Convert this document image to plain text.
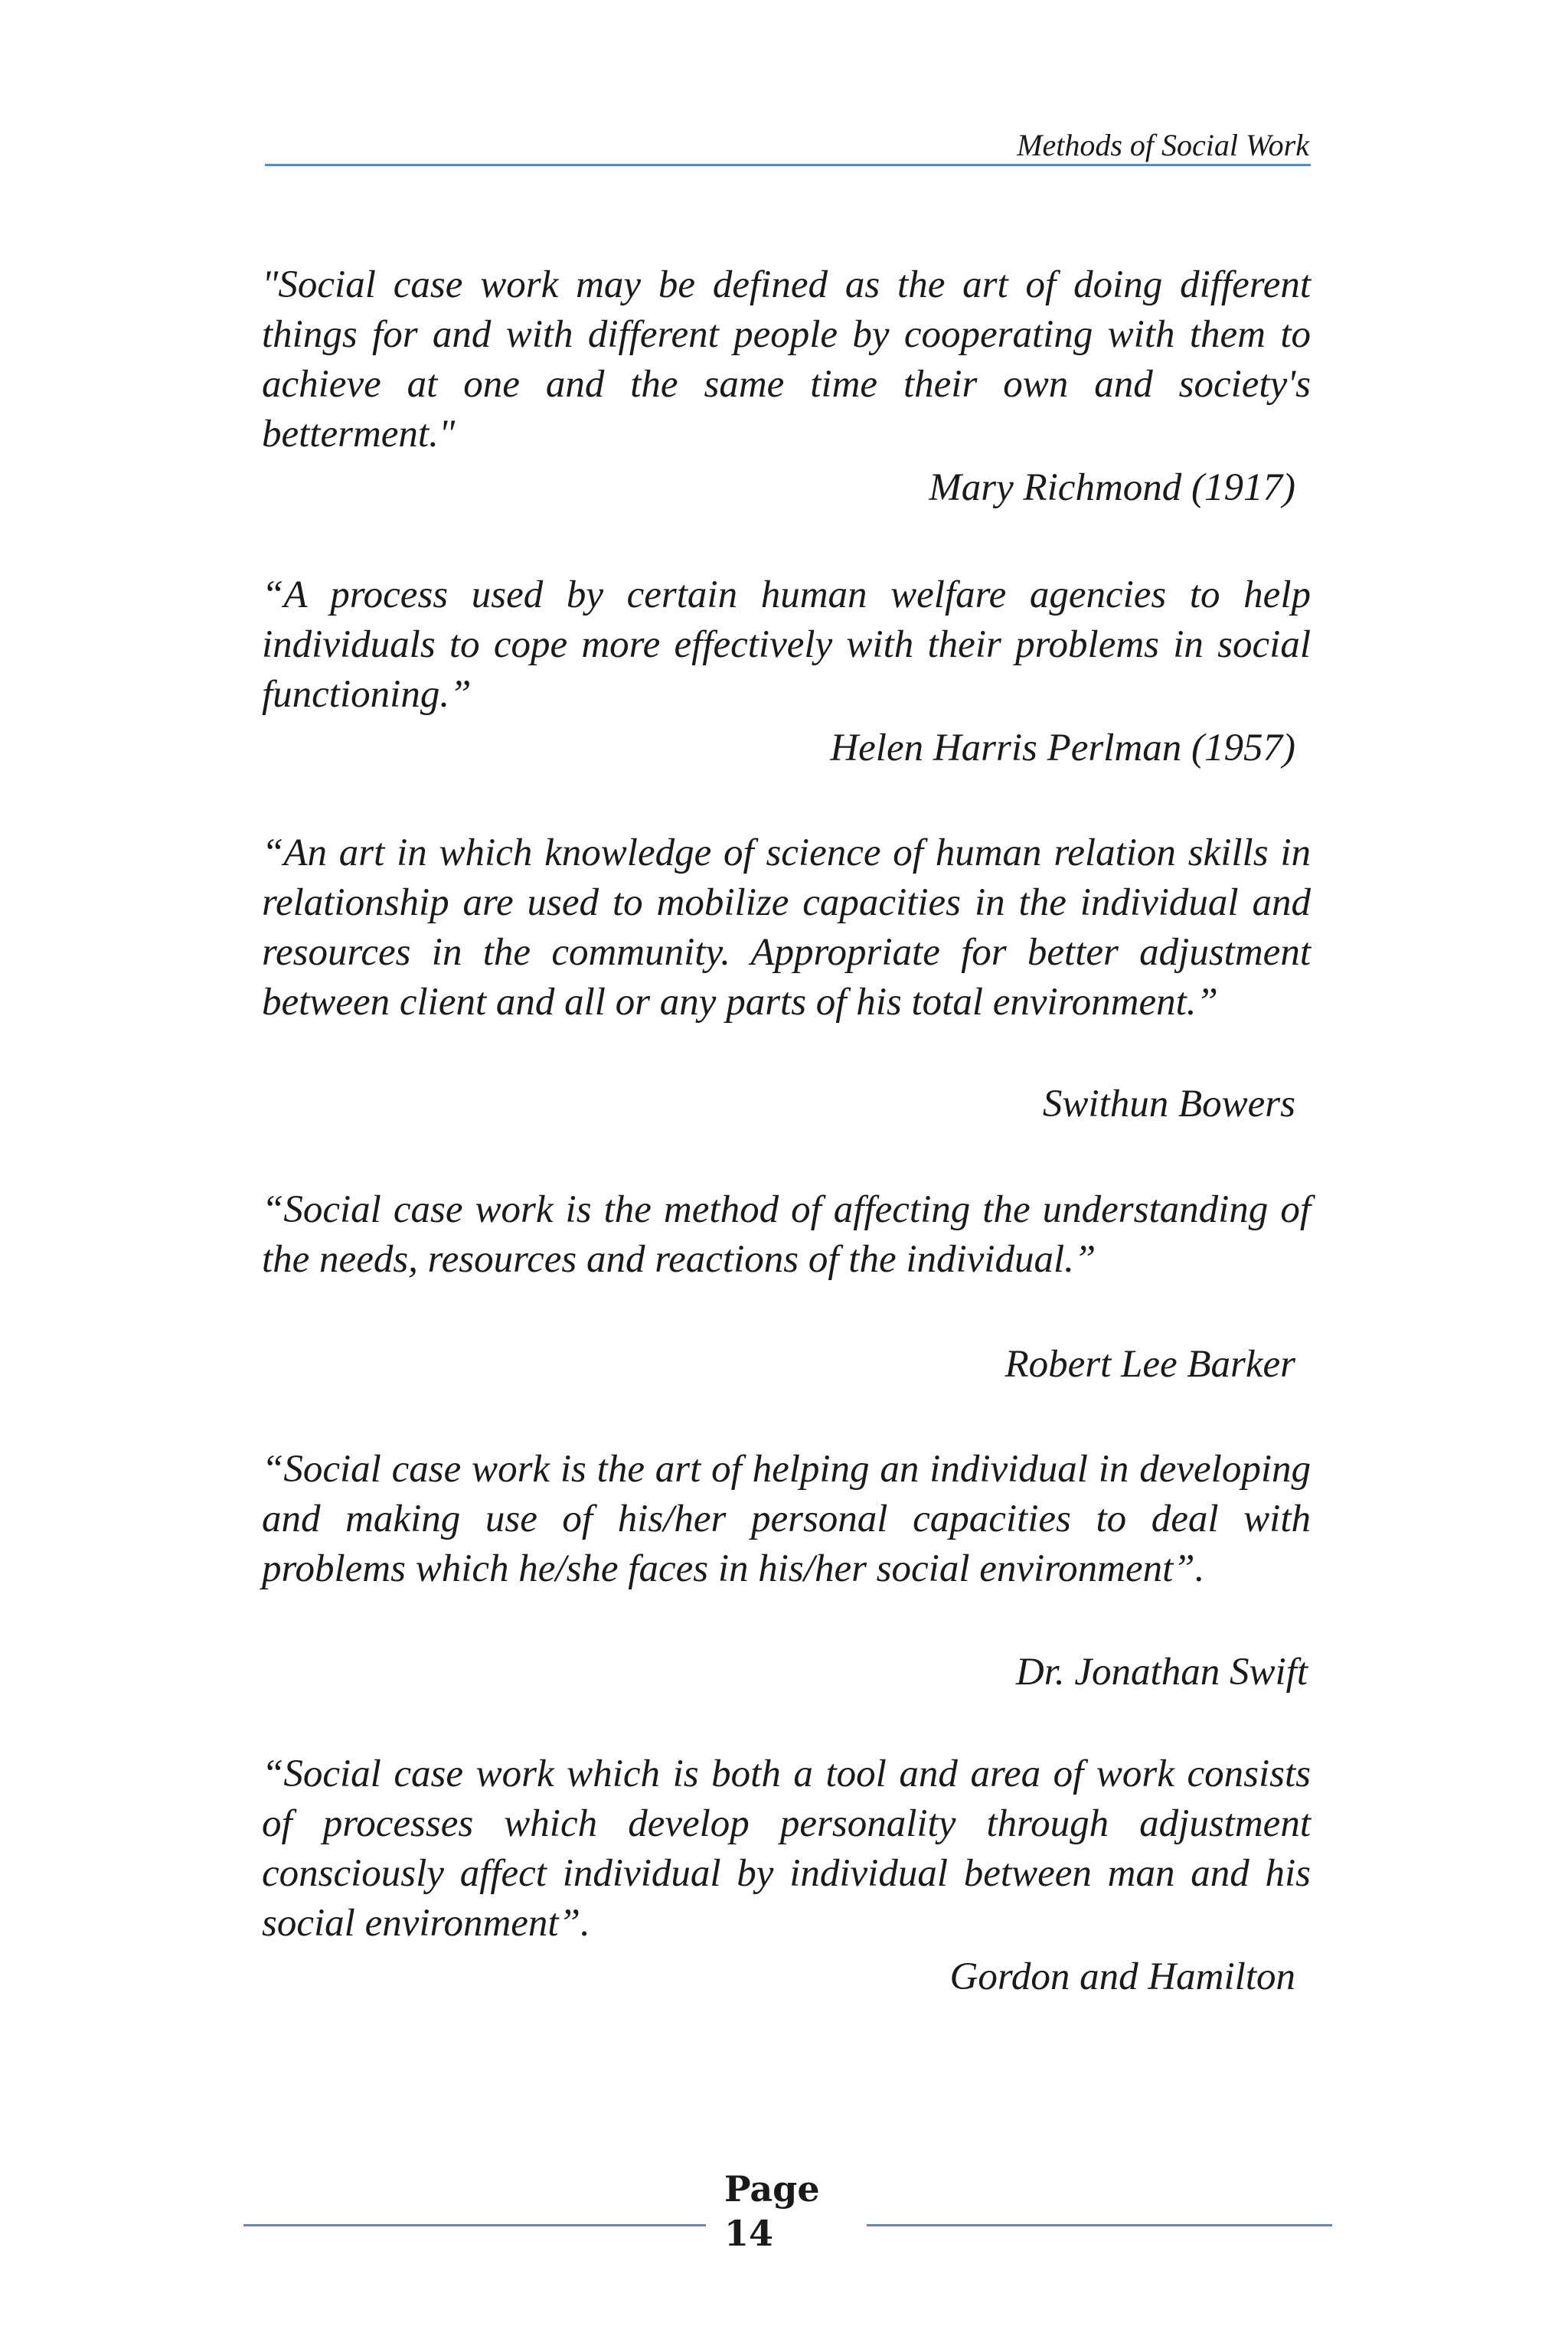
Methods of Social Work

"Social case work may be defined as the art of doing different things for and with different people by cooperating with them to achieve at one and the same time their own and society's betterment."

Mary Richmond (1917)

“A process used by certain human welfare agencies to help individuals to cope more effectively with their problems in social functioning.”

Helen Harris Perlman (1957)

“An art in which knowledge of science of human relation skills in relationship are used to mobilize capacities in the individual and resources in the community. Appropriate for better adjustment between client and all or any parts of his total environment.”

Swithun Bowers

“Social case work is the method of affecting the understanding of the needs, resources and reactions of the individual.”

Robert Lee Barker

“Social case work is the art of helping an individual in developing and making use of his/her personal capacities to deal with problems which he/she faces in his/her social environment”.

Dr. Jonathan Swift

“Social case work which is both a tool and area of work consists of processes which develop personality through adjustment consciously affect individual by individual between man and his social environment”.

Gordon and Hamilton
Page
14
